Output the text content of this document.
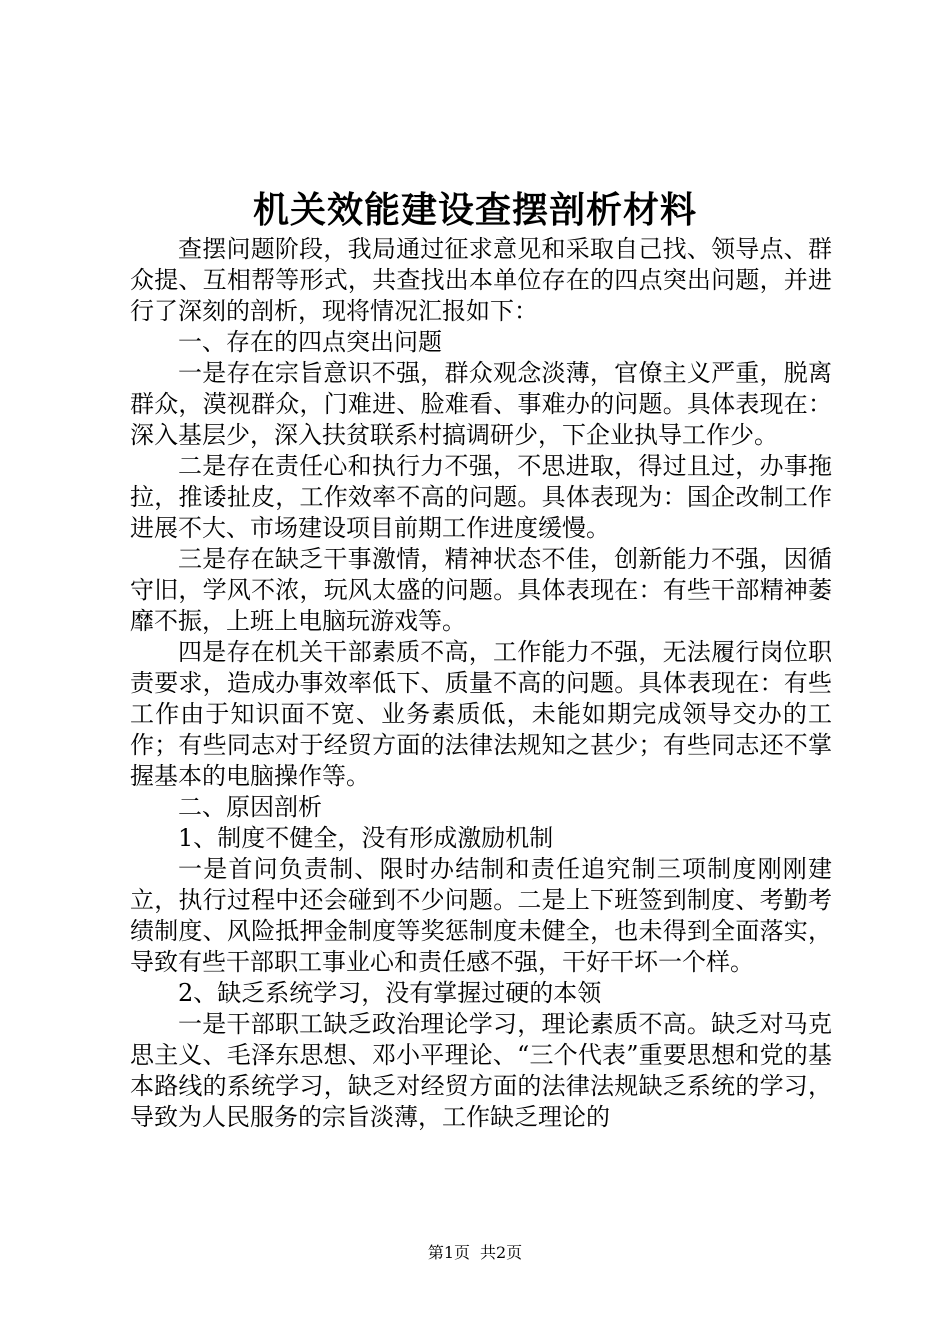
机关效能建设查摆剖析材料

查摆问题阶段，我局通过征求意见和采取自己找、领导点、群众提、互相帮等形式，共查找出本单位存在的四点突出问题，并进行了深刻的剖析，现将情况汇报如下：

一、存在的四点突出问题

一是存在宗旨意识不强，群众观念淡薄，官僚主义严重，脱离群众，漠视群众，门难进、脸难看、事难办的问题。具体表现在：深入基层少，深入扶贫联系村搞调研少，下企业执导工作少。

二是存在责任心和执行力不强，不思进取，得过且过，办事拖拉，推诿扯皮，工作效率不高的问题。具体表现为：国企改制工作进展不大、市场建设项目前期工作进度缓慢。

三是存在缺乏干事激情，精神状态不佳，创新能力不强，因循守旧，学风不浓，玩风太盛的问题。具体表现在：有些干部精神萎靡不振，上班上电脑玩游戏等。

四是存在机关干部素质不高，工作能力不强，无法履行岗位职责要求，造成办事效率低下、质量不高的问题。具体表现在：有些工作由于知识面不宽、业务素质低，未能如期完成领导交办的工作；有些同志对于经贸方面的法律法规知之甚少；有些同志还不掌握基本的电脑操作等。

二、原因剖析

1、制度不健全，没有形成激励机制

一是首问负责制、限时办结制和责任追究制三项制度刚刚建立，执行过程中还会碰到不少问题。二是上下班签到制度、考勤考绩制度、风险抵押金制度等奖惩制度未健全，也未得到全面落实，导致有些干部职工事业心和责任感不强，干好干坏一个样。

2、缺乏系统学习，没有掌握过硬的本领

一是干部职工缺乏政治理论学习，理论素质不高。缺乏对马克思主义、毛泽东思想、邓小平理论、“三个代表”重要思想和党的基本路线的系统学习，缺乏对经贸方面的法律法规缺乏系统的学习，导致为人民服务的宗旨淡薄，工作缺乏理论的

第1页 共2页
